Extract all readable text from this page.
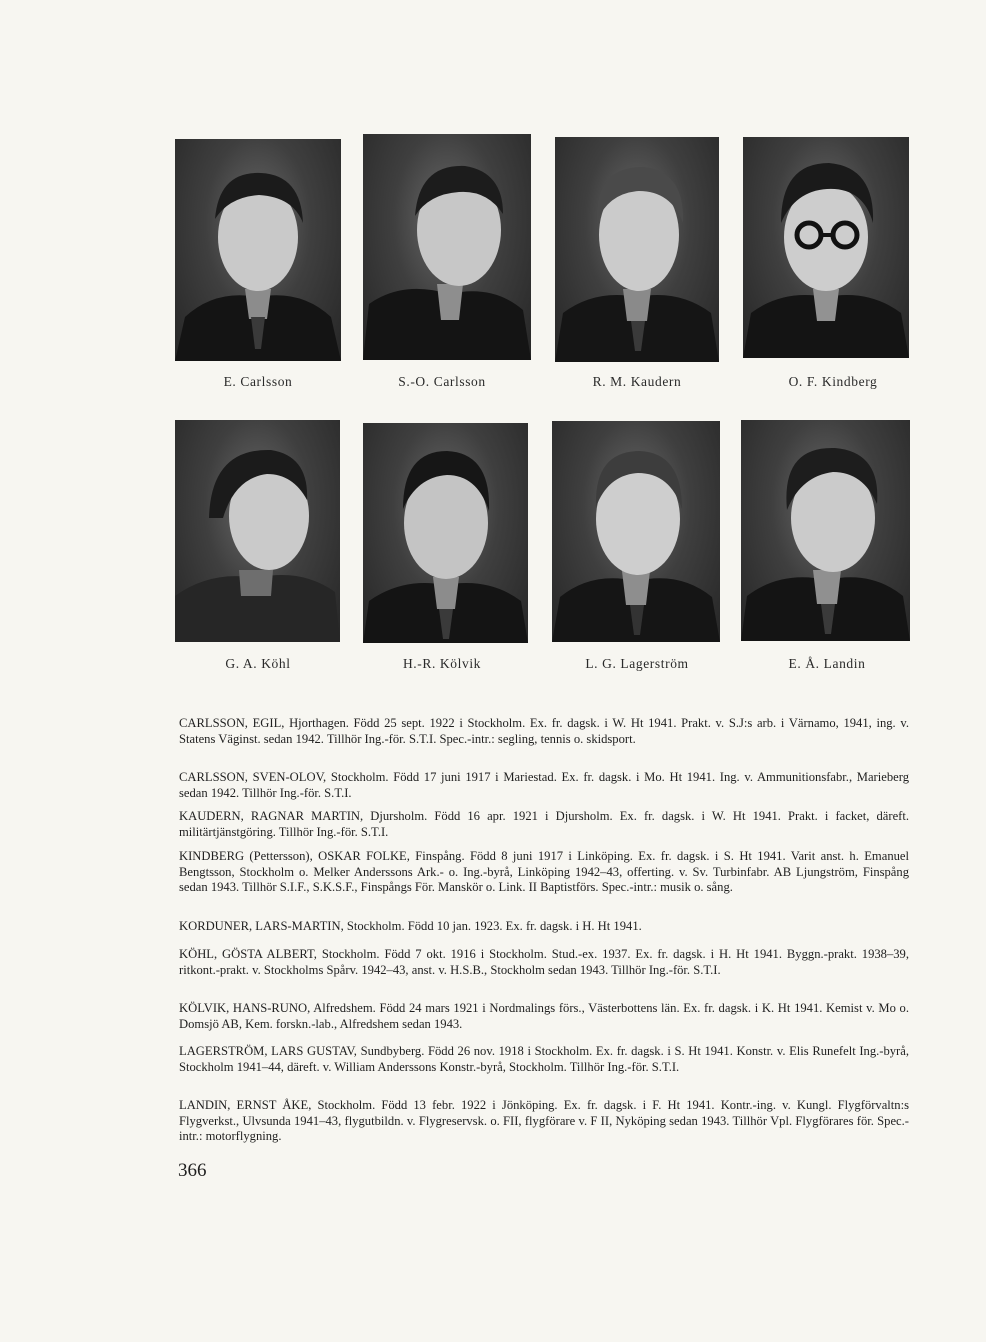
E. Carlsson	S.-O. Carlsson	R. M. Kaudern	O. F. Kindberg
G. A. Köhl	H.-R. Kölvik	L. G. Lagerström	E. Å. Landin

CARLSSON, EGIL, Hjorthagen. Född 25 sept. 1922 i Stockholm. Ex. fr. dagsk. i W. Ht 1941. Prakt. v. S.J:s arb. i Värnamo, 1941, ing. v. Statens Väginst. sedan 1942. Tillhör Ing.-för. S.T.I. Spec.-intr.: segling, tennis o. skidsport.

CARLSSON, SVEN-OLOV, Stockholm. Född 17 juni 1917 i Mariestad. Ex. fr. dagsk. i Mo. Ht 1941. Ing. v. Ammunitionsfabr., Marieberg sedan 1942. Tillhör Ing.-för. S.T.I.

KAUDERN, RAGNAR MARTIN, Djursholm. Född 16 apr. 1921 i Djursholm. Ex. fr. dagsk. i W. Ht 1941. Prakt. i facket, däreft. militärtjänstgöring. Tillhör Ing.-för. S.T.I.

KINDBERG (Pettersson), OSKAR FOLKE, Finspång. Född 8 juni 1917 i Linköping. Ex. fr. dagsk. i S. Ht 1941. Varit anst. h. Emanuel Bengtsson, Stockholm o. Melker Anderssons Ark.- o. Ing.-byrå, Linköping 1942–43, offerting. v. Sv. Turbinfabr. AB Ljungström, Finspång sedan 1943. Tillhör S.I.F., S.K.S.F., Finspångs För. Manskör o. Link. II Baptistförs. Spec.-intr.: musik o. sång.

KORDUNER, LARS-MARTIN, Stockholm. Född 10 jan. 1923. Ex. fr. dagsk. i H. Ht 1941.

KÖHL, GÖSTA ALBERT, Stockholm. Född 7 okt. 1916 i Stockholm. Stud.-ex. 1937. Ex. fr. dagsk. i H. Ht 1941. Byggn.-prakt. 1938–39, ritkont.-prakt. v. Stockholms Spårv. 1942–43, anst. v. H.S.B., Stockholm sedan 1943. Tillhör Ing.-för. S.T.I.

KÖLVIK, HANS-RUNO, Alfredshem. Född 24 mars 1921 i Nordmalings förs., Västerbottens län. Ex. fr. dagsk. i K. Ht 1941. Kemist v. Mo o. Domsjö AB, Kem. forskn.-lab., Alfredshem sedan 1943.

LAGERSTRÖM, LARS GUSTAV, Sundbyberg. Född 26 nov. 1918 i Stockholm. Ex. fr. dagsk. i S. Ht 1941. Konstr. v. Elis Runefelt Ing.-byrå, Stockholm 1941–44, däreft. v. William Anderssons Konstr.-byrå, Stockholm. Tillhör Ing.-för. S.T.I.

LANDIN, ERNST ÅKE, Stockholm. Född 13 febr. 1922 i Jönköping. Ex. fr. dagsk. i F. Ht 1941. Kontr.-ing. v. Kungl. Flygförvaltn:s Flygverkst., Ulvsunda 1941–43, flygutbildn. v. Flygreservsk. o. FII, flygförare v. F II, Nyköping sedan 1943. Tillhör Vpl. Flygförares för. Spec.-intr.: motorflygning.

366
